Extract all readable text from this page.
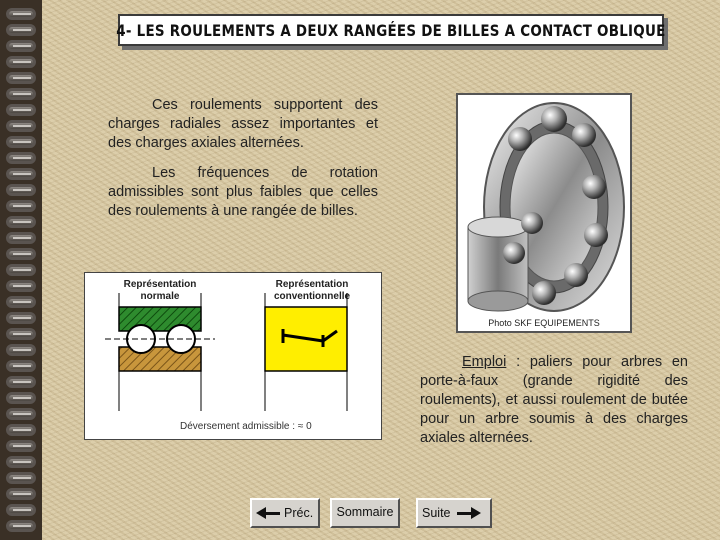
4- LES ROULEMENTS A DEUX RANGÉES DE BILLES A CONTACT OBLIQUE

Ces roulements supportent des charges radiales assez importantes et des charges axiales alternées.

Les fréquences de rotation admissibles sont plus faibles que celles des roulements à une rangée de billes.

Photo SKF EQUIPEMENTS
Représentation normale
Représentation conventionnelle
Déversement admissible : ≈ 0

Emploi : paliers pour arbres en porte-à-faux (grande rigidité des roulements), et aussi roulement de butée pour un arbre soumis à des charges axiales alternées.

Préc. Sommaire Suite
